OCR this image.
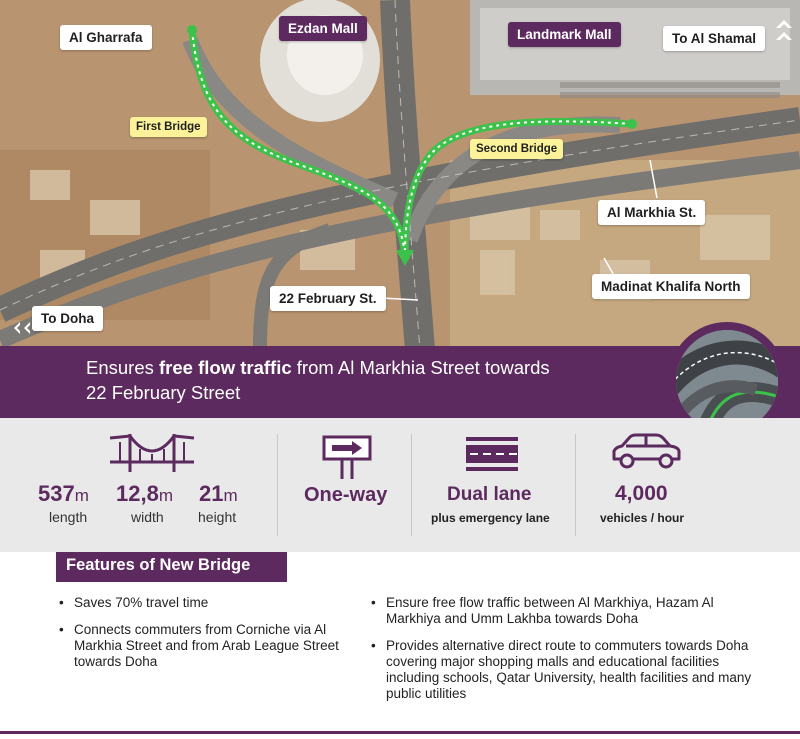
Al Gharrafa
Ezdan Mall	Landmark Mall	To Al Shamal
First Bridge
Second Bridge
Al Markhia St.
Madinat Khalifa North
22 February St.
To Doha
Ensures free flow traffic from Al Markhia Street towards
22 February Street
537m
length
12,8m
width
21m
height
One-way	Dual lane
plus emergency lane
4,000
vehicles / hour
Features of New Bridge
• Saves 70% travel time
• Connects commuters from Corniche via Al Markhia Street and from Arab League Street towards Doha
• Ensure free flow traffic between Al Markhiya, Hazam Al Markhiya and Umm Lakhba towards Doha
• Provides alternative direct route to commuters towards Doha covering major shopping malls and educational facilities including schools, Qatar University, health facilities and many public utilities
